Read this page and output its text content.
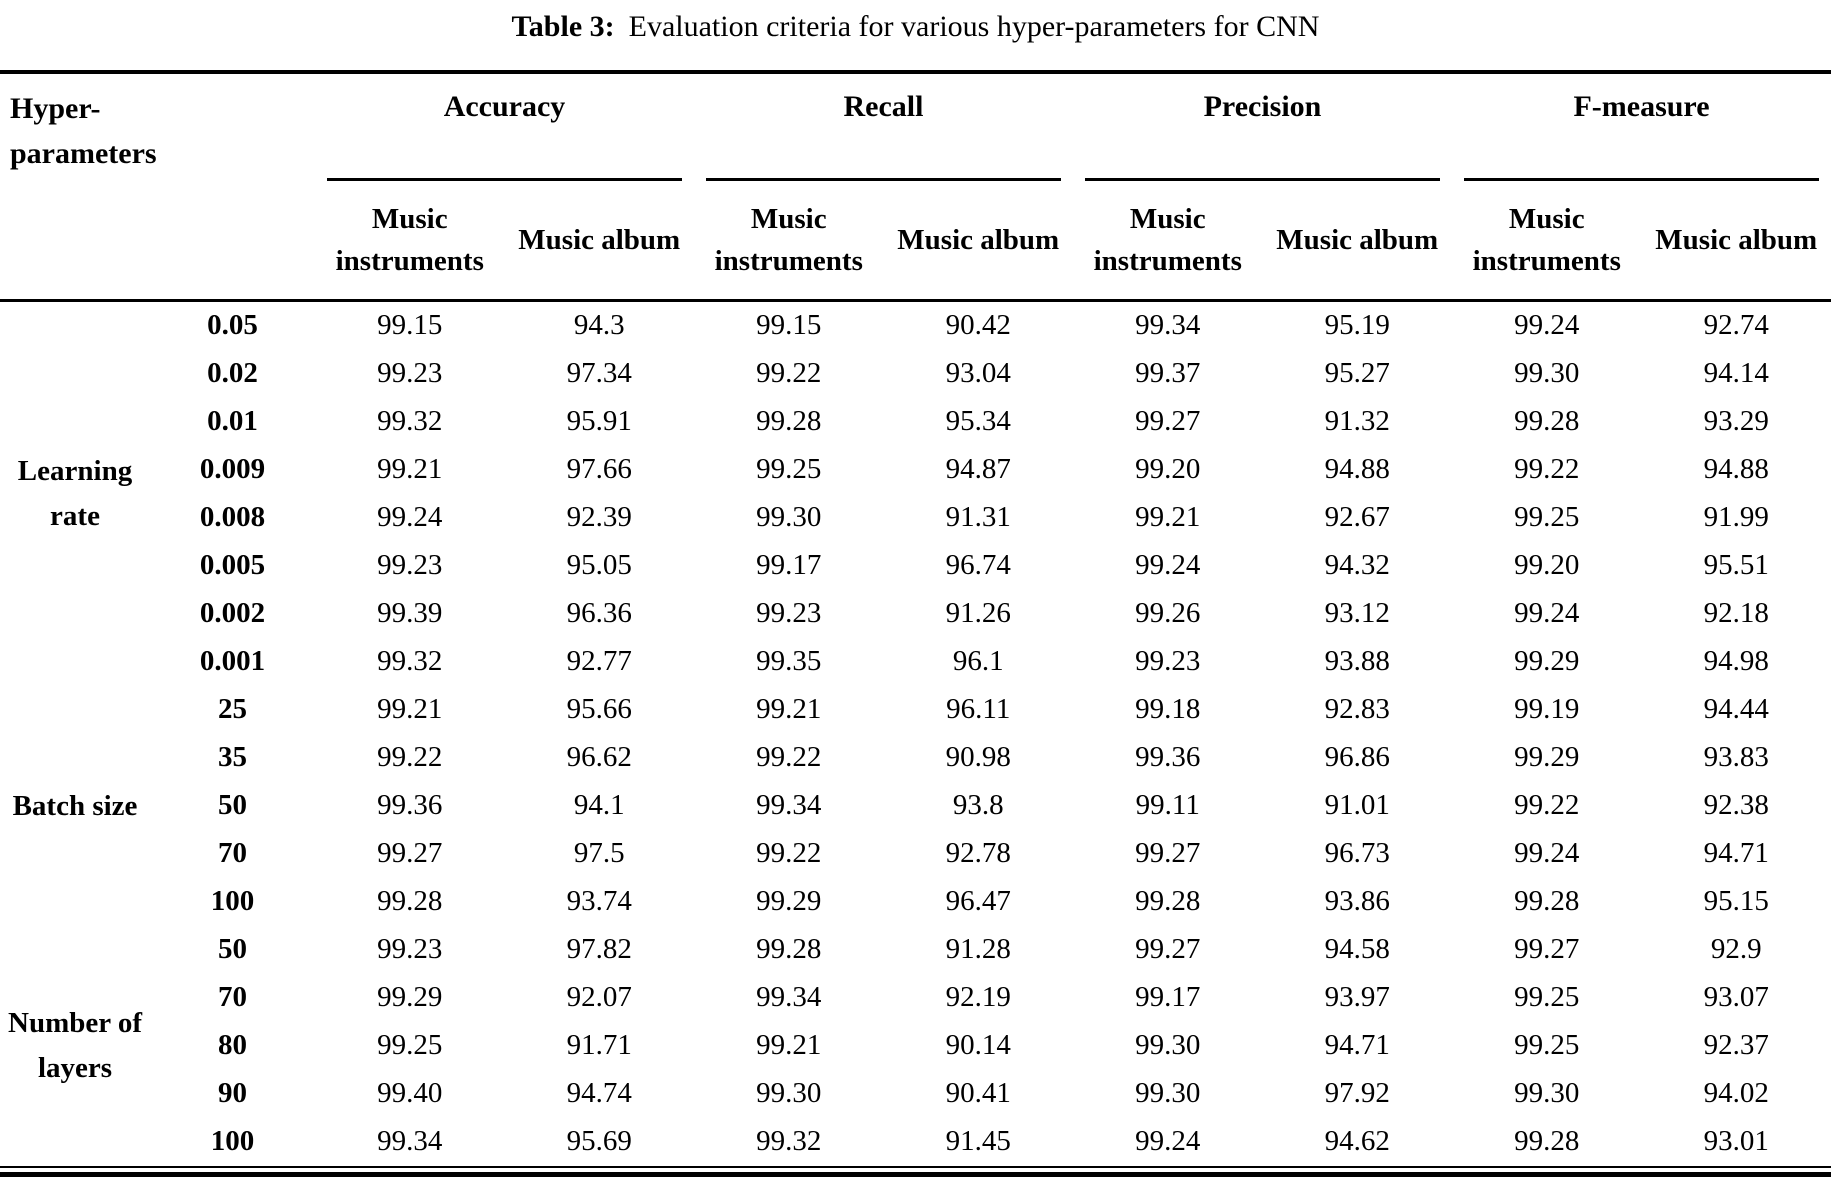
Table 3: Evaluation criteria for various hyper-parameters for CNN
Hyper-parameters		Accuracy		Recall		Precision		F-measure	

		Music instruments	Music album	Music instruments	Music album	Music instruments	Music album	Music instruments	Music album

Learning rate	0.05	99.15	94.3	99.15	90.42	99.34	95.19	99.24	92.74
	0.02	99.23	97.34	99.22	93.04	99.37	95.27	99.30	94.14
	0.01	99.32	95.91	99.28	95.34	99.27	91.32	99.28	93.29
	0.009	99.21	97.66	99.25	94.87	99.20	94.88	99.22	94.88
	0.008	99.24	92.39	99.30	91.31	99.21	92.67	99.25	91.99
	0.005	99.23	95.05	99.17	96.74	99.24	94.32	99.20	95.51
	0.002	99.39	96.36	99.23	91.26	99.26	93.12	99.24	92.18
	0.001	99.32	92.77	99.35	96.1	99.23	93.88	99.29	94.98

Batch size	25	99.21	95.66	99.21	96.11	99.18	92.83	99.19	94.44
	35	99.22	96.62	99.22	90.98	99.36	96.86	99.29	93.83
	50	99.36	94.1	99.34	93.8	99.11	91.01	99.22	92.38
	70	99.27	97.5	99.22	92.78	99.27	96.73	99.24	94.71
	100	99.28	93.74	99.29	96.47	99.28	93.86	99.28	95.15

Number of layers	50	99.23	97.82	99.28	91.28	99.27	94.58	99.27	92.9
	70	99.29	92.07	99.34	92.19	99.17	93.97	99.25	93.07
	80	99.25	91.71	99.21	90.14	99.30	94.71	99.25	92.37
	90	99.40	94.74	99.30	90.41	99.30	97.92	99.30	94.02
	100	99.34	95.69	99.32	91.45	99.24	94.62	99.28	93.01
